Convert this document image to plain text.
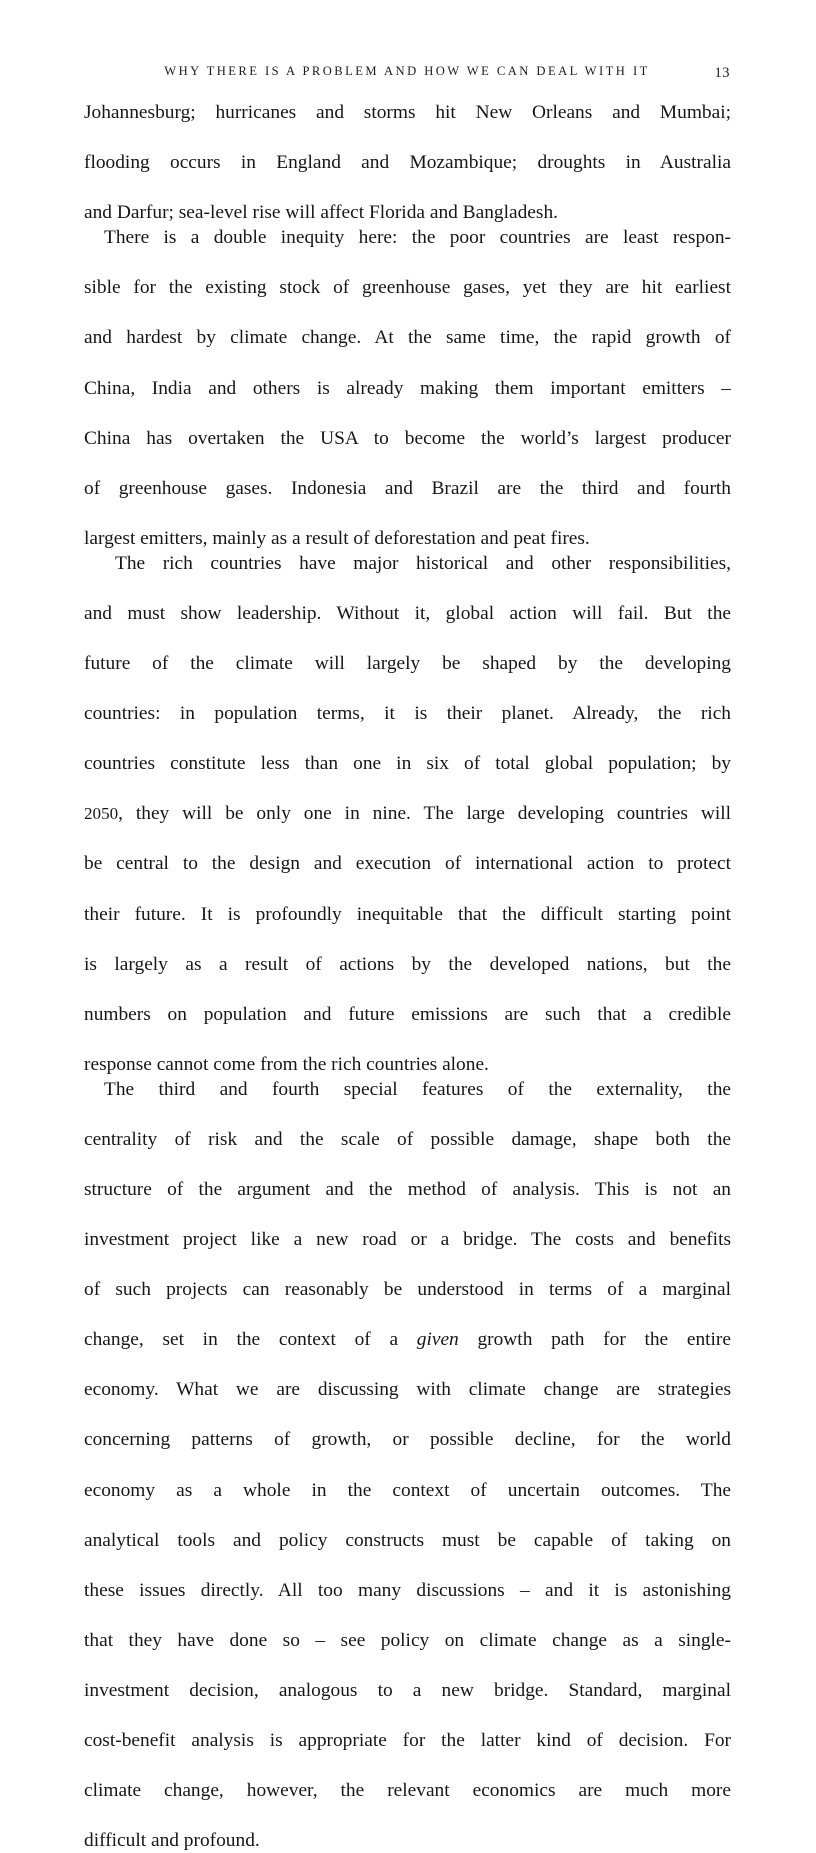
WHY THERE IS A PROBLEM AND HOW WE CAN DEAL WITH IT	13

Johannesburg; hurricanes and storms hit New Orleans and Mumbai;
flooding occurs in England and Mozambique; droughts in Australia
and Darfur; sea-level rise will affect Florida and Bangladesh.

There is a double inequity here: the poor countries are least respon-
sible for the existing stock of greenhouse gases, yet they are hit earliest
and hardest by climate change. At the same time, the rapid growth of
China, India and others is already making them important emitters –
China has overtaken the USA to become the world’s largest producer
of greenhouse gases. Indonesia and Brazil are the third and fourth
largest emitters, mainly as a result of deforestation and peat fires.

The rich countries have major historical and other responsibilities,
and must show leadership. Without it, global action will fail. But the
future of the climate will largely be shaped by the developing
countries: in population terms, it is their planet. Already, the rich
countries constitute less than one in six of total global population; by
2050, they will be only one in nine. The large developing countries will
be central to the design and execution of international action to protect
their future. It is profoundly inequitable that the difficult starting point
is largely as a result of actions by the developed nations, but the
numbers on population and future emissions are such that a credible
response cannot come from the rich countries alone.

The third and fourth special features of the externality, the
centrality of risk and the scale of possible damage, shape both the
structure of the argument and the method of analysis. This is not an
investment project like a new road or a bridge. The costs and benefits
of such projects can reasonably be understood in terms of a marginal
change, set in the context of a given growth path for the entire
economy. What we are discussing with climate change are strategies
concerning patterns of growth, or possible decline, for the world
economy as a whole in the context of uncertain outcomes. The
analytical tools and policy constructs must be capable of taking on
these issues directly. All too many discussions – and it is astonishing
that they have done so – see policy on climate change as a single-
investment decision, analogous to a new bridge. Standard, marginal
cost-benefit analysis is appropriate for the latter kind of decision. For
climate change, however, the relevant economics are much more
difficult and profound.
